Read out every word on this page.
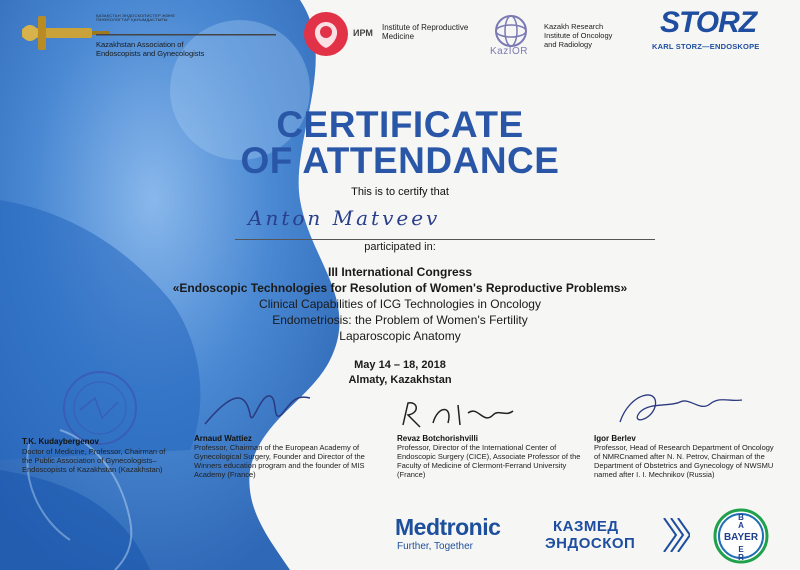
ҚАЗАҚСТАН ЭНДОСКОПИСТЕР ЖӘНЕ
ГИНЕКОЛОГТАР ҚАУЫМДАСТЫҒЫ
Kazakhstan Association of Endoscopists and Gynecologists
ИРМ
Institute of Reproductive
Medicine
KazIOR
Kazakh Research
Institute of Oncology
and Radiology
STORZ
KARL STORZ—ENDOSKOPE
CERTIFICATE
OF ATTENDANCE
This is to certify that
Anton Matveev
participated in:
III International Congress
«Endoscopic Technologies for Resolution of Women's Reproductive Problems»
Clinical Capabilities of ICG Technologies in Oncology
Endometriosis: the Problem of Women's Fertility
Laparoscopic Anatomy
May 14 – 18, 2018
Almaty, Kazakhstan
T.K. Kudaybergenov
Doctor of Medicine, Professor, Chairman of the Public Association of Gynecologists–Endoscopists of Kazakhstan (Kazakhstan)
Arnaud Wattiez
Professor, Chairman of the European Academy of Gynecological Surgery, Founder and Director of the Winners education program and the founder of MIS Academy (France)
Revaz Botchorishvilli
Professor, Director of the International Center of Endoscopic Surgery (CICE), Associate Professor of the Faculty of Medicine of Clermont-Ferrand University (France)
Igor Berlev
Professor, Head of Research Department of Oncology of NMRCnamed after N. N. Petrov, Chairman of the Department of Obstetrics and Gynecology of NWSMU named after I. I. Mechnikov (Russia)
Medtronic
Further, Together
КАЗМЕД
ЭНДОСКОП	BAYER
B
A
E
R
